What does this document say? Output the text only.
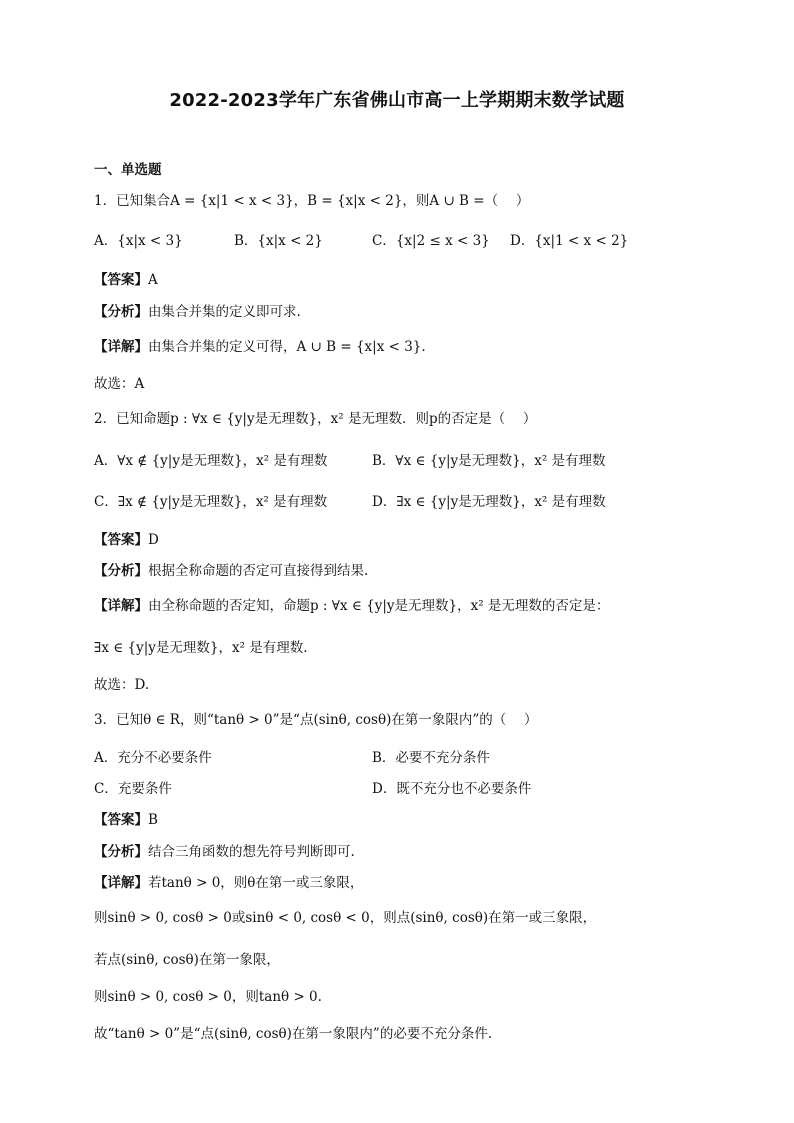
2022-2023学年广东省佛山市高一上学期期末数学试题
一、单选题
1．已知集合A = {x|1 < x < 3}，B = {x|x < 2}，则A ∪ B =（　 ）
A．{x|x < 3}	B．{x|x < 2}	C．{x|2 ≤ x < 3} D．{x|1 < x < 2}
【答案】A
【分析】由集合并集的定义即可求.
【详解】由集合并集的定义可得，A ∪ B = {x|x < 3}.
故选：A
2．已知命题p : ∀x ∈ {y|y是无理数}，x² 是无理数．则p的否定是（　 ）
A．∀x ∉ {y|y是无理数}，x² 是有理数	B．∀x ∈ {y|y是无理数}，x² 是有理数
C．∃x ∉ {y|y是无理数}，x² 是有理数	D．∃x ∈ {y|y是无理数}，x² 是有理数
【答案】D
【分析】根据全称命题的否定可直接得到结果.
【详解】由全称命题的否定知，命题p : ∀x ∈ {y|y是无理数}，x² 是无理数的否定是：
∃x ∈ {y|y是无理数}，x² 是有理数.
故选：D.
3．已知θ ∈ R，则“tanθ > 0”是“点(sinθ, cosθ)在第一象限内”的（　 ）
A．充分不必要条件	B．必要不充分条件
C．充要条件	D．既不充分也不必要条件
【答案】B
【分析】结合三角函数的想先符号判断即可.
【详解】若tanθ > 0，则θ在第一或三象限，
则sinθ > 0, cosθ > 0或sinθ < 0, cosθ < 0，则点(sinθ, cosθ)在第一或三象限，
若点(sinθ, cosθ)在第一象限，
则sinθ > 0, cosθ > 0，则tanθ > 0.
故“tanθ > 0”是“点(sinθ, cosθ)在第一象限内”的必要不充分条件.
